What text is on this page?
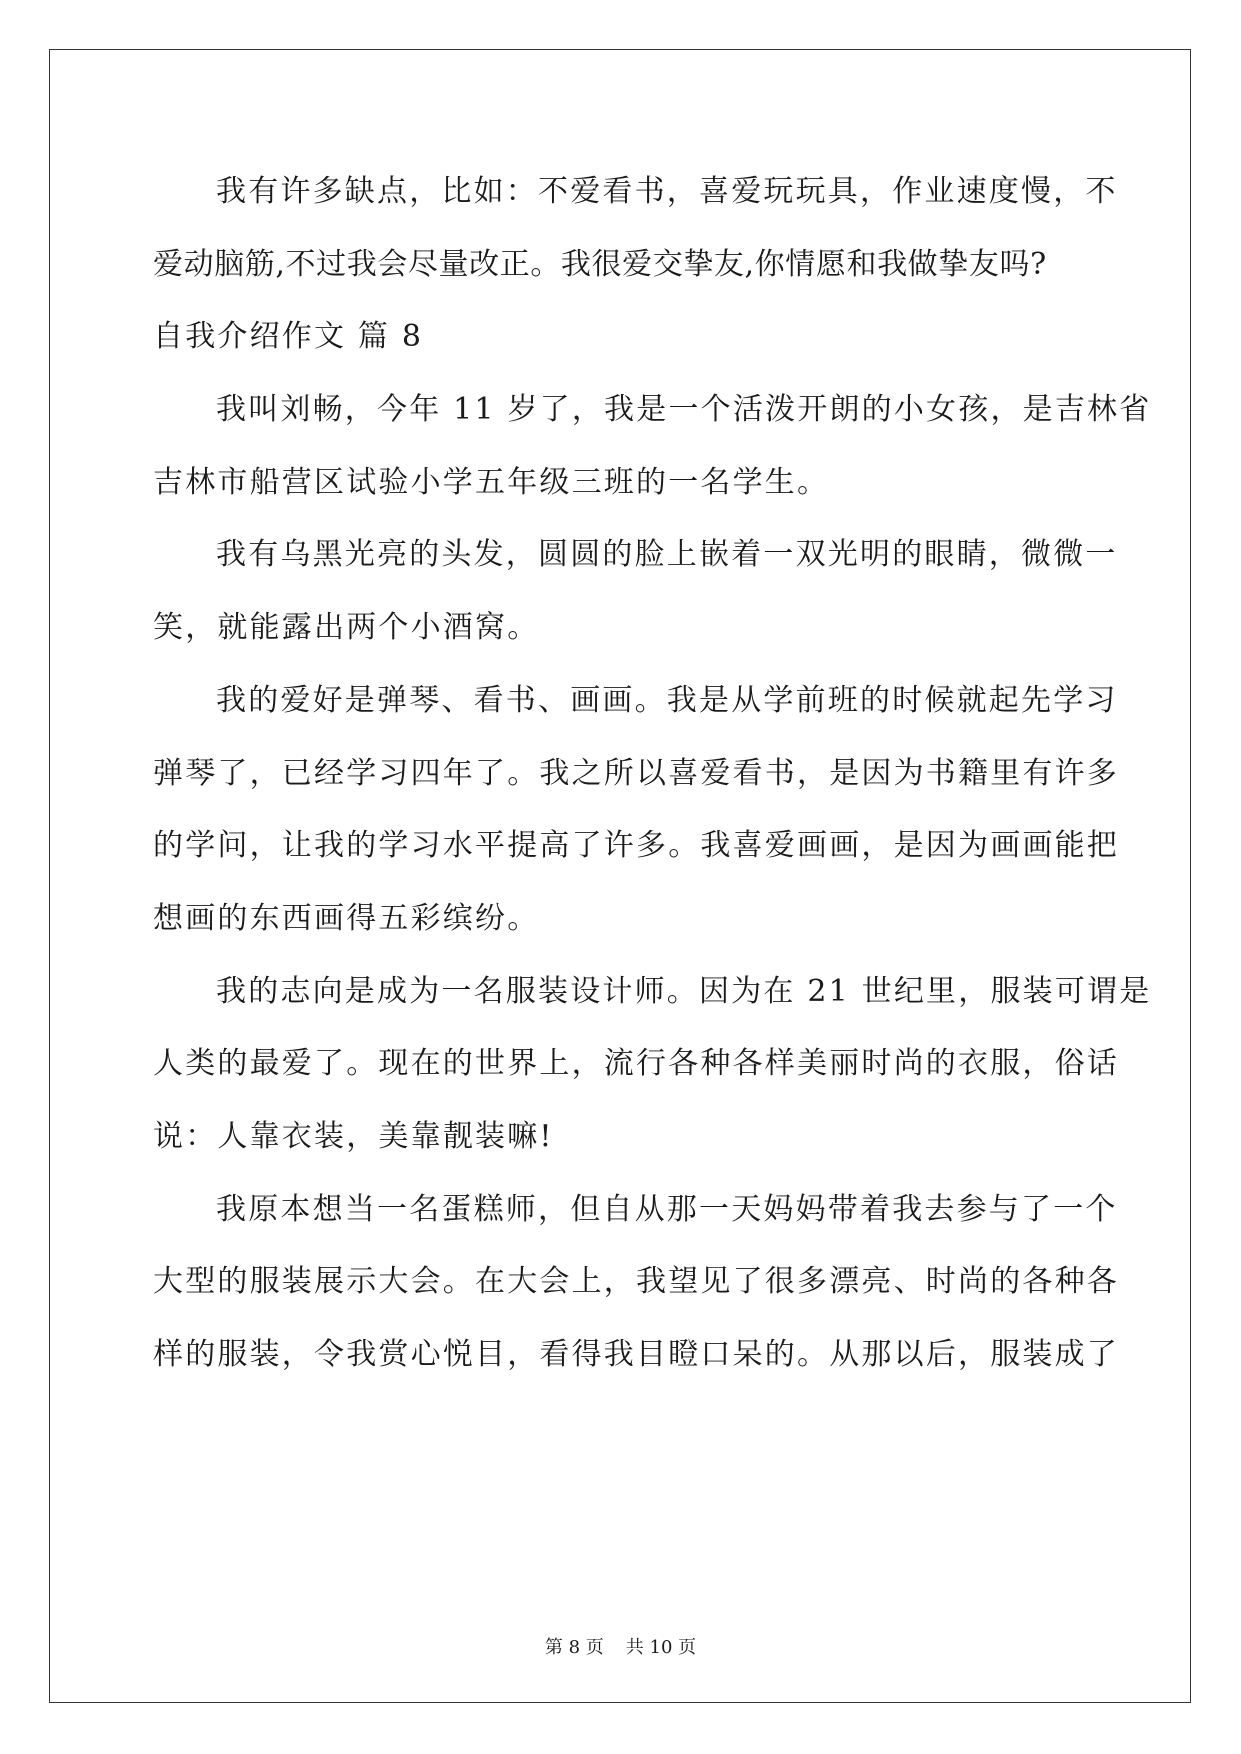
我有许多缺点，比如：不爱看书，喜爱玩玩具，作业速度慢，不
爱动脑筋,不过我会尽量改正。我很爱交挚友,你情愿和我做挚友吗?
自我介绍作文 篇 8
我叫刘畅，今年 11 岁了，我是一个活泼开朗的小女孩，是吉林省
吉林市船营区试验小学五年级三班的一名学生。
我有乌黑光亮的头发，圆圆的脸上嵌着一双光明的眼睛，微微一
笑，就能露出两个小酒窝。
我的爱好是弹琴、看书、画画。我是从学前班的时候就起先学习
弹琴了，已经学习四年了。我之所以喜爱看书，是因为书籍里有许多
的学问，让我的学习水平提高了许多。我喜爱画画，是因为画画能把
想画的东西画得五彩缤纷。
我的志向是成为一名服装设计师。因为在 21 世纪里，服装可谓是
人类的最爱了。现在的世界上，流行各种各样美丽时尚的衣服，俗话
说：人靠衣装，美靠靓装嘛!
我原本想当一名蛋糕师，但自从那一天妈妈带着我去参与了一个
大型的服装展示大会。在大会上，我望见了很多漂亮、时尚的各种各
样的服装，令我赏心悦目，看得我目瞪口呆的。从那以后，服装成了
第 8 页 共 10 页
